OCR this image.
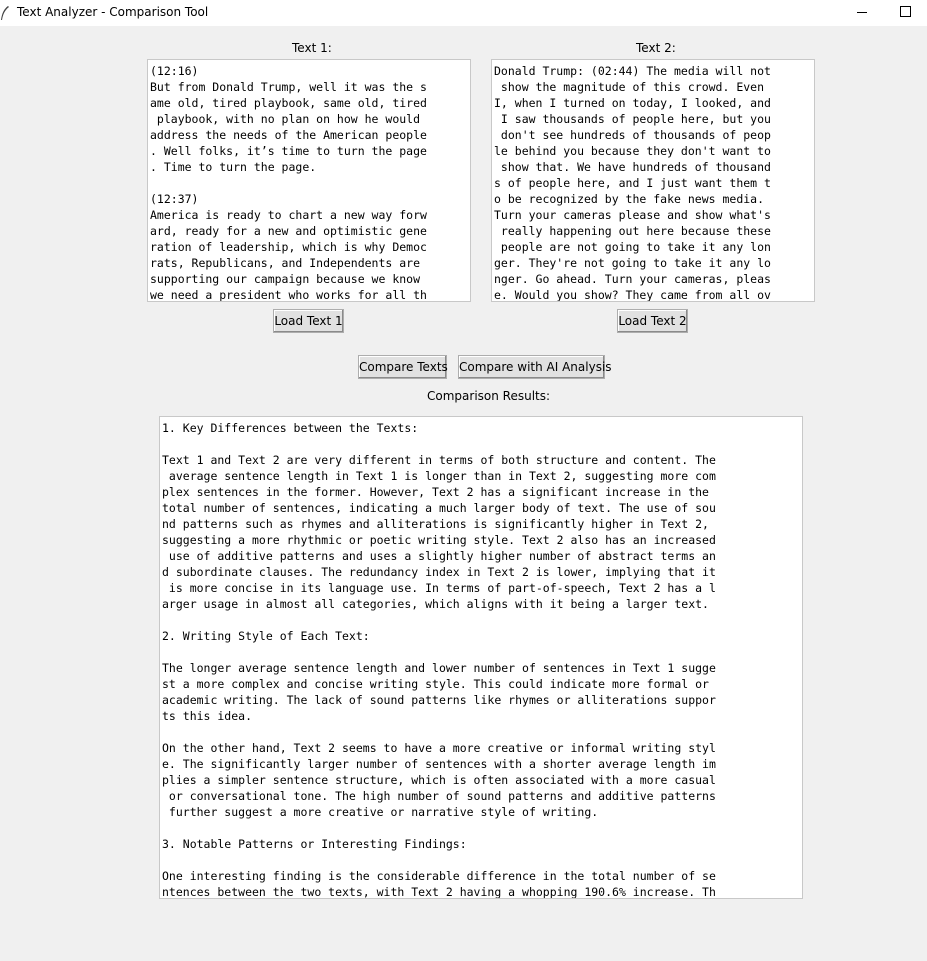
Text Analyzer - Comparison Tool
Text 1:	Text 2:
(12:16)
But from Donald Trump, well it was the s
ame old, tired playbook, same old, tired
playbook, with no plan on how he would
address the needs of the American people
. Well folks, it’s time to turn the page
. Time to turn the page.
(12:37)
America is ready to chart a new way forw
ard, ready for a new and optimistic gene
ration of leadership, which is why Democ
rats, Republicans, and Independents are
supporting our campaign because we know
we need a president who works for all th
Donald Trump: (02:44) The media will not
show the magnitude of this crowd. Even
I, when I turned on today, I looked, and
I saw thousands of people here, but you
don't see hundreds of thousands of peop
le behind you because they don't want to
show that. We have hundreds of thousand
s of people here, and I just want them t
o be recognized by the fake news media.
Turn your cameras please and show what's
really happening out here because these
people are not going to take it any lon
ger. They're not going to take it any lo
nger. Go ahead. Turn your cameras, pleas
e. Would you show? They came from all ov
Load Text 1	Load Text 2
Compare Texts Compare with AI Analysis
Comparison Results:
1. Key Differences between the Texts:
Text 1 and Text 2 are very different in terms of both structure and content. The
average sentence length in Text 1 is longer than in Text 2, suggesting more com
plex sentences in the former. However, Text 2 has a significant increase in the
total number of sentences, indicating a much larger body of text. The use of sou
nd patterns such as rhymes and alliterations is significantly higher in Text 2,
suggesting a more rhythmic or poetic writing style. Text 2 also has an increased
use of additive patterns and uses a slightly higher number of abstract terms an
d subordinate clauses. The redundancy index in Text 2 is lower, implying that it
is more concise in its language use. In terms of part-of-speech, Text 2 has a l
arger usage in almost all categories, which aligns with it being a larger text.
2. Writing Style of Each Text:
The longer average sentence length and lower number of sentences in Text 1 sugge
st a more complex and concise writing style. This could indicate more formal or
academic writing. The lack of sound patterns like rhymes or alliterations suppor
ts this idea.
On the other hand, Text 2 seems to have a more creative or informal writing styl
e. The significantly larger number of sentences with a shorter average length im
plies a simpler sentence structure, which is often associated with a more casual
or conversational tone. The high number of sound patterns and additive patterns
further suggest a more creative or narrative style of writing.
3. Notable Patterns or Interesting Findings:
One interesting finding is the considerable difference in the total number of se
ntences between the two texts, with Text 2 having a whopping 190.6% increase. Th
